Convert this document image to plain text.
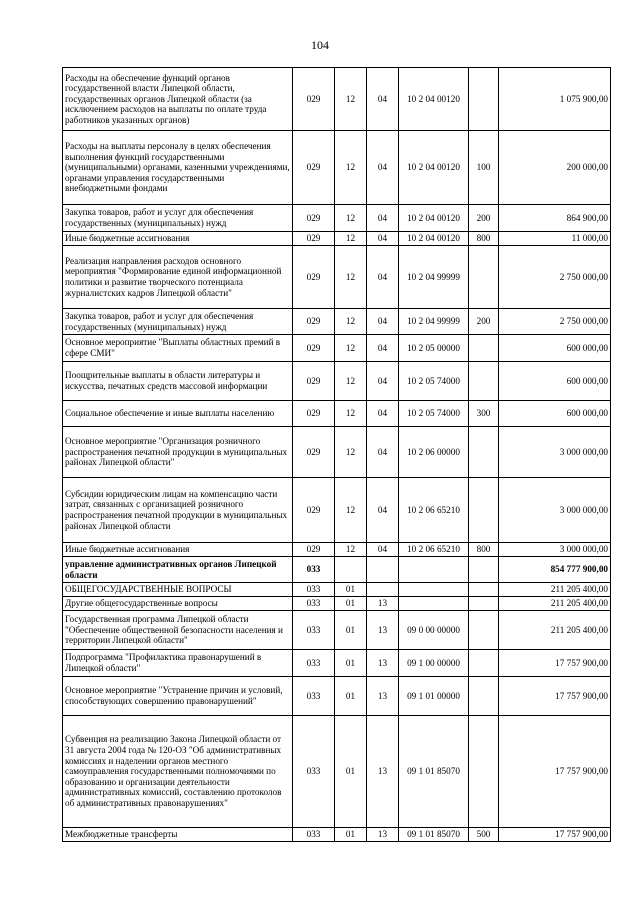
104
Расходы на обеспечение функций органов государственной власти Липецкой области, государственных органов Липецкой области (за исключением расходов на выплаты по оплате труда работников указанных органов)	029	12	04	10 2 04 00120		1 075 900,00
Расходы на выплаты персоналу в целях обеспечения выполнения функций государственными (муниципальными) органами, казенными учреждениями, органами управления государственными внебюджетными фондами	029	12	04	10 2 04 00120	100	200 000,00
Закупка товаров, работ и услуг для обеспечения государственных (муниципальных) нужд	029	12	04	10 2 04 00120	200	864 900,00
Иные бюджетные ассигнования	029	12	04	10 2 04 00120	800	11 000,00
Реализация направления расходов основного мероприятия "Формирование единой информационной политики и развитие творческого потенциала журналистских кадров Липецкой области"	029	12	04	10 2 04 99999		2 750 000,00
Закупка товаров, работ и услуг для обеспечения государственных (муниципальных) нужд	029	12	04	10 2 04 99999	200	2 750 000,00
Основное мероприятие "Выплаты областных премий в сфере СМИ"	029	12	04	10 2 05 00000		600 000,00
Поощрительные выплаты в области литературы и искусства, печатных средств массовой информации	029	12	04	10 2 05 74000		600 000,00
Социальное обеспечение и иные выплаты населению	029	12	04	10 2 05 74000	300	600 000,00
Основное мероприятие "Организация розничного распространения печатной продукции в муниципальных районах Липецкой области"	029	12	04	10 2 06 00000		3 000 000,00
Субсидии юридическим лицам на компенсацию части затрат, связанных с организацией розничного распространения печатной продукции в муниципальных районах Липецкой области	029	12	04	10 2 06 65210		3 000 000,00
Иные бюджетные ассигнования	029	12	04	10 2 06 65210	800	3 000 000,00
управление административных органов Липецкой области	033					854 777 900,00
ОБЩЕГОСУДАРСТВЕННЫЕ ВОПРОСЫ	033	01				211 205 400,00
Другие общегосударственные вопросы	033	01	13			211 205 400,00
Государственная программа Липецкой области "Обеспечение общественной безопасности населения и территории Липецкой области"	033	01	13	09 0 00 00000		211 205 400,00
Подпрограмма "Профилактика правонарушений в Липецкой области"	033	01	13	09 1 00 00000		17 757 900,00
Основное мероприятие "Устранение причин и условий, способствующих совершению правонарушений"	033	01	13	09 1 01 00000		17 757 900,00
Субвенция на реализацию Закона Липецкой области от 31 августа 2004 года № 120-ОЗ "Об административных комиссиях и наделении органов местного самоуправления государственными полномочиями по образованию и организации деятельности административных комиссий, составлению протоколов об административных правонарушениях"	033	01	13	09 1 01 85070		17 757 900,00
Межбюджетные трансферты	033	01	13	09 1 01 85070	500	17 757 900,00
